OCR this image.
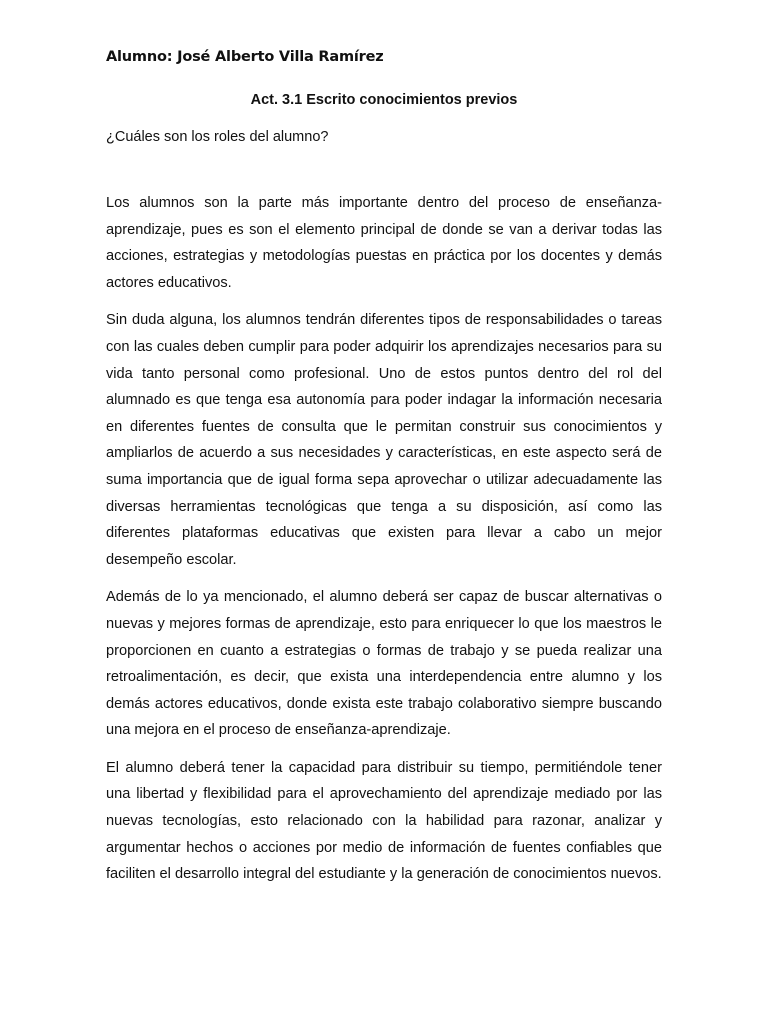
Alumno: José Alberto Villa Ramírez

Act. 3.1 Escrito conocimientos previos

¿Cuáles son los roles del alumno?

Los alumnos son la parte más importante dentro del proceso de enseñanza-aprendizaje, pues es son el elemento principal de donde se van a derivar todas las acciones, estrategias y metodologías puestas en práctica por los docentes y demás actores educativos.

Sin duda alguna, los alumnos tendrán diferentes tipos de responsabilidades o tareas con las cuales deben cumplir para poder adquirir los aprendizajes necesarios para su vida tanto personal como profesional. Uno de estos puntos dentro del rol del alumnado es que tenga esa autonomía para poder indagar la información necesaria en diferentes fuentes de consulta que le permitan construir sus conocimientos y ampliarlos de acuerdo a sus necesidades y características, en este aspecto será de suma importancia que de igual forma sepa aprovechar o utilizar adecuadamente las diversas herramientas tecnológicas que tenga a su disposición, así como las diferentes plataformas educativas que existen para llevar a cabo un mejor desempeño escolar.

Además de lo ya mencionado, el alumno deberá ser capaz de buscar alternativas o nuevas y mejores formas de aprendizaje, esto para enriquecer lo que los maestros le proporcionen en cuanto a estrategias o formas de trabajo y se pueda realizar una retroalimentación, es decir, que exista una interdependencia entre alumno y los demás actores educativos, donde exista este trabajo colaborativo siempre buscando una mejora en el proceso de enseñanza-aprendizaje.

El alumno deberá tener la capacidad para distribuir su tiempo, permitiéndole tener una libertad y flexibilidad para el aprovechamiento del aprendizaje mediado por las nuevas tecnologías, esto relacionado con la habilidad para razonar, analizar y argumentar hechos o acciones por medio de información de fuentes confiables que faciliten el desarrollo integral del estudiante y la generación de conocimientos nuevos.
